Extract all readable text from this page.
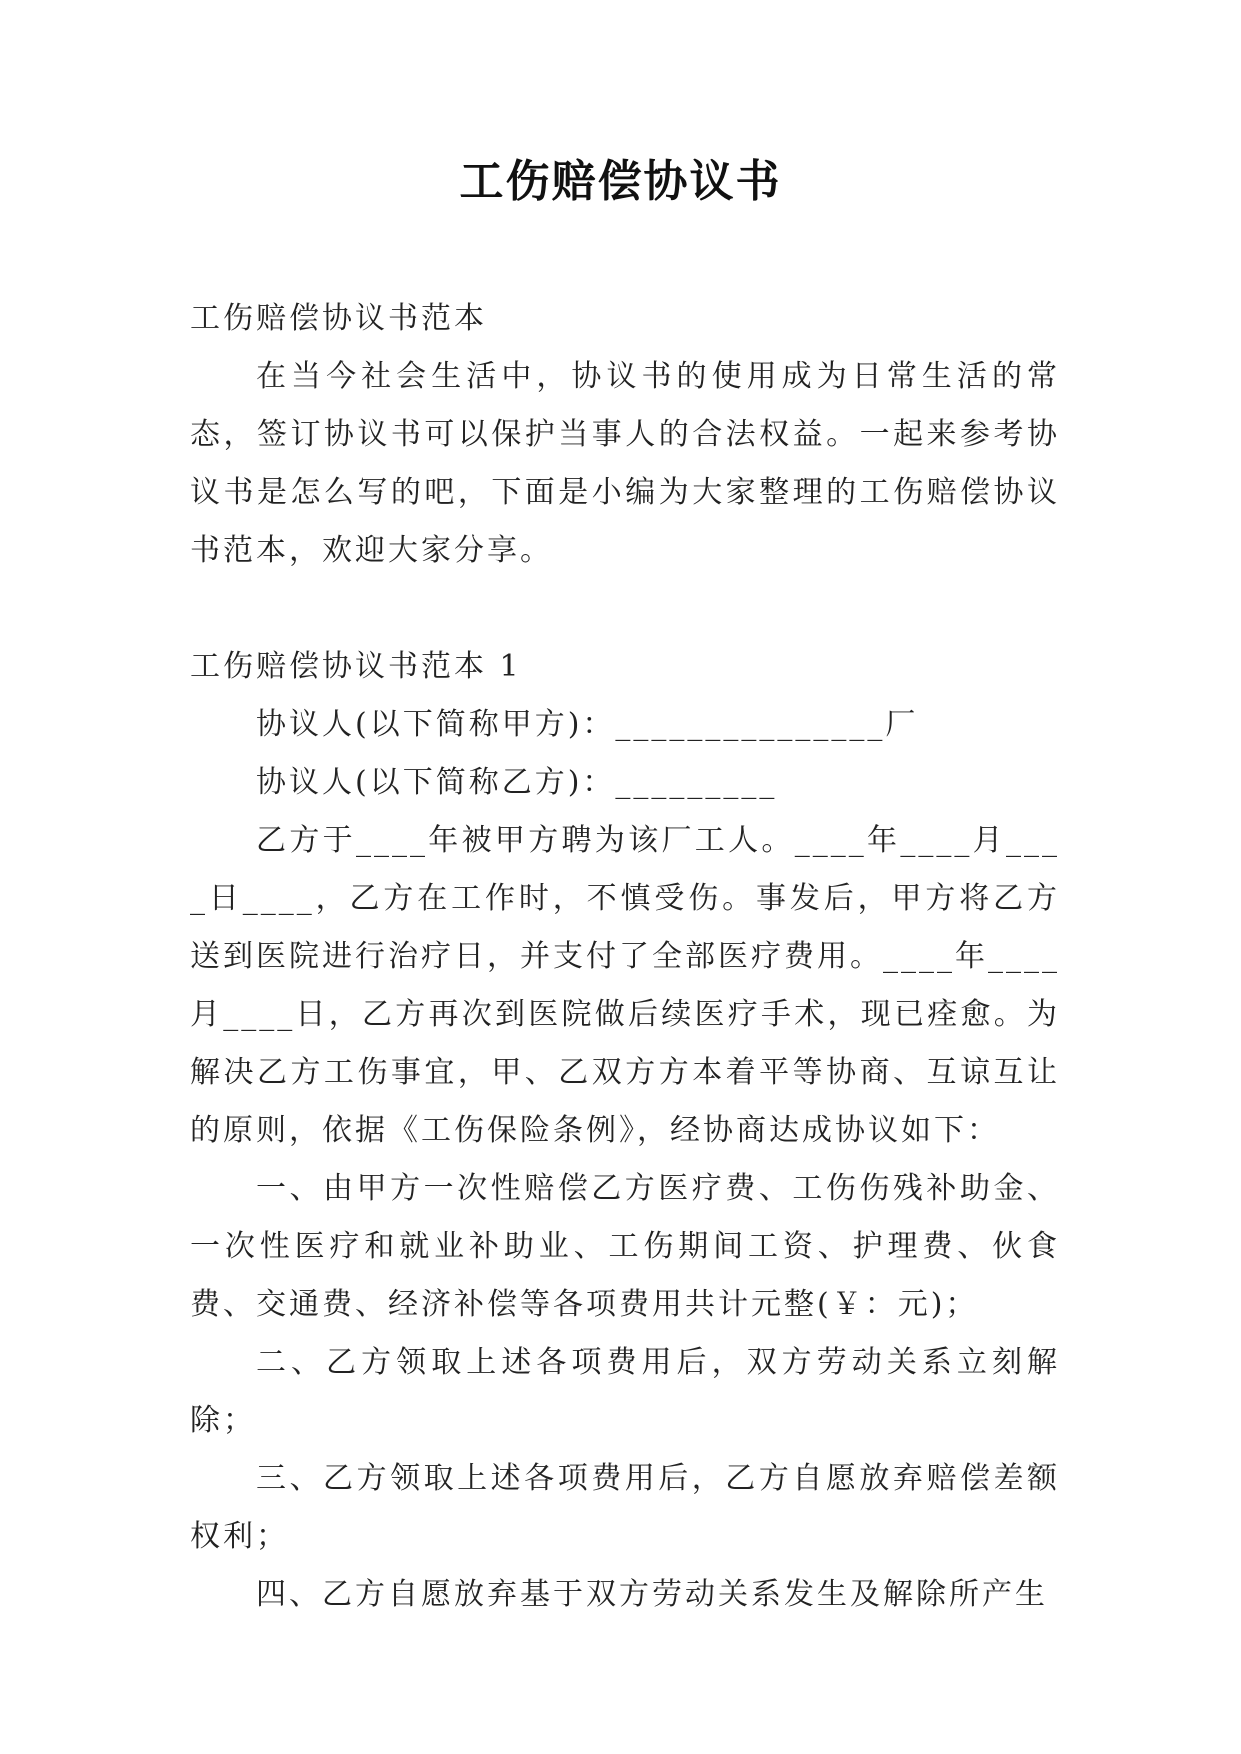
工伤赔偿协议书

工伤赔偿协议书范本

在当今社会生活中，协议书的使用成为日常生活的常态，签订协议书可以保护当事人的合法权益。一起来参考协议书是怎么写的吧，下面是小编为大家整理的工伤赔偿协议书范本，欢迎大家分享。

工伤赔偿协议书范本 1

协议人(以下简称甲方)：_______________厂

协议人(以下简称乙方)：_________

乙方于____年被甲方聘为该厂工人。____年____月____日____，乙方在工作时，不慎受伤。事发后，甲方将乙方送到医院进行治疗日，并支付了全部医疗费用。____年____月____日，乙方再次到医院做后续医疗手术，现已痊愈。为解决乙方工伤事宜，甲、乙双方方本着平等协商、互谅互让的原则，依据《工伤保险条例》，经协商达成协议如下：

一、由甲方一次性赔偿乙方医疗费、工伤伤残补助金、一次性医疗和就业补助业、工伤期间工资、护理费、伙食费、交通费、经济补偿等各项费用共计元整(￥：元)；

二、乙方领取上述各项费用后，双方劳动关系立刻解除；

三、乙方领取上述各项费用后，乙方自愿放弃赔偿差额权利；

四、乙方自愿放弃基于双方劳动关系发生及解除所产生
